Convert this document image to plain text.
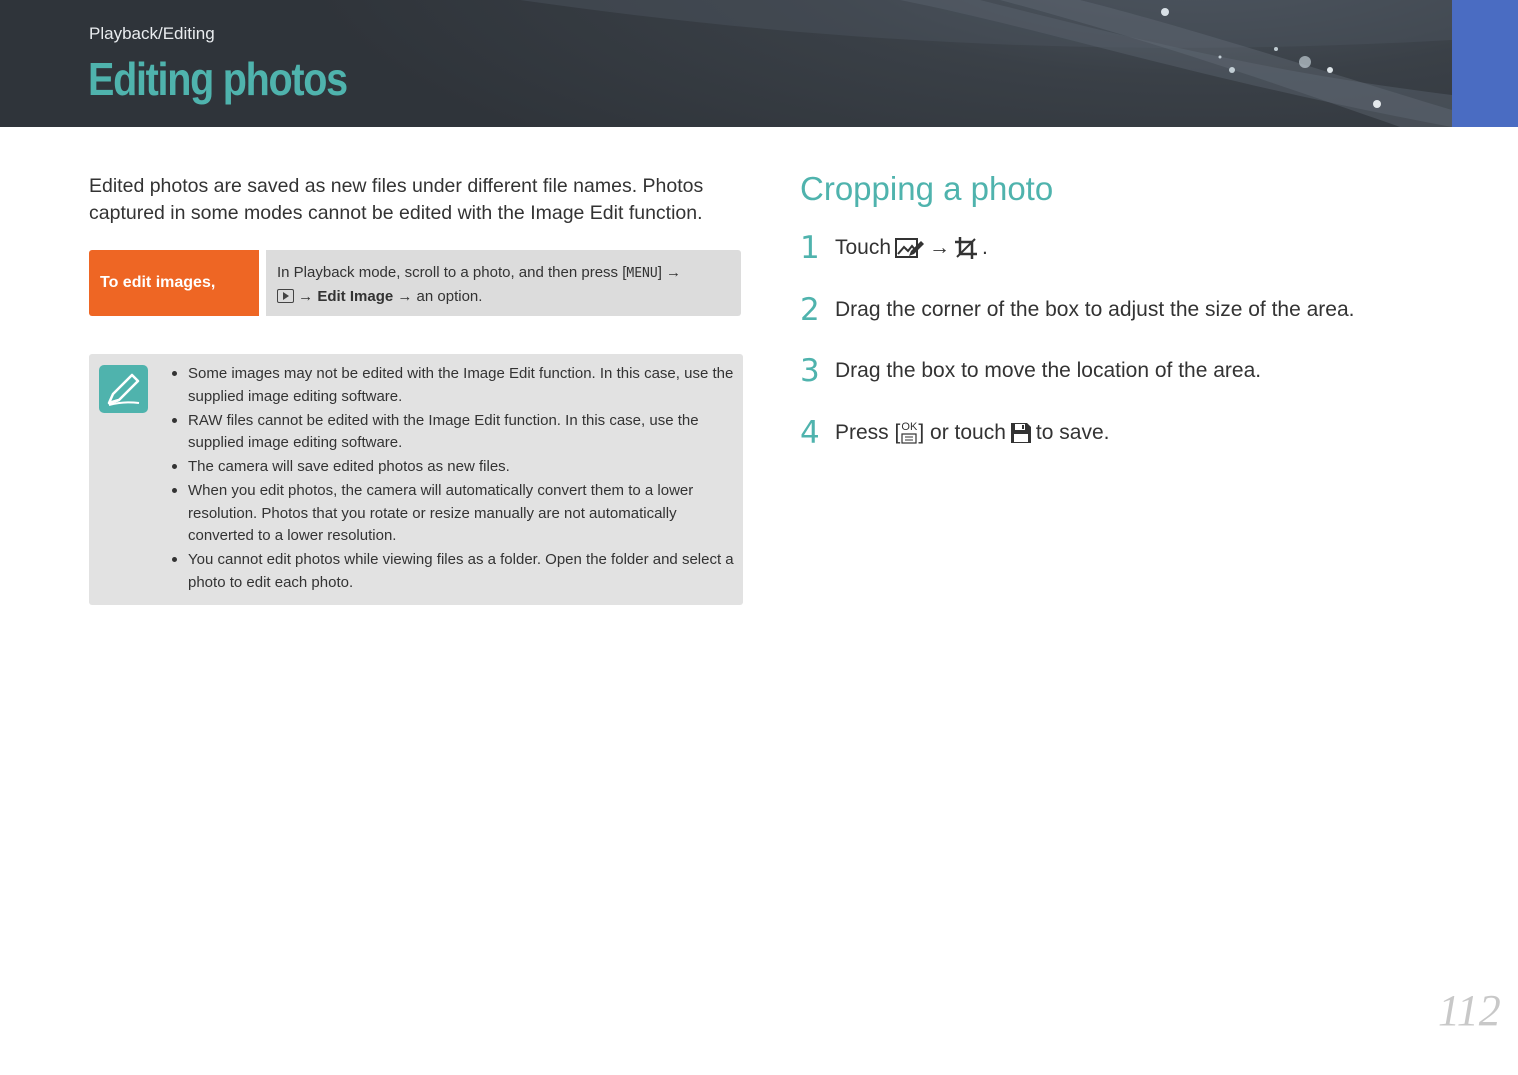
Playback/Editing
Editing photos

Edited photos are saved as new files under different file names. Photos captured in some modes cannot be edited with the Image Edit function.

To edit images,
In Playback mode, scroll to a photo, and then press [MENU] →
→ Edit Image → an option.
Some images may not be edited with the Image Edit function. In this case, use the supplied image editing software.
RAW files cannot be edited with the Image Edit function. In this case, use the supplied image editing software.
The camera will save edited photos as new files.
When you edit photos, the camera will automatically convert them to a lower resolution. Photos that you rotate or resize manually are not automatically converted to a lower resolution.
You cannot edit photos while viewing files as a folder. Open the folder and select a photo to edit each photo.
Cropping a photo
1 Touch → .
2 Drag the corner of the box to adjust the size of the area.
3 Drag the box to move the location of the area.
4 Press [ OK ] or touch to save.
112
